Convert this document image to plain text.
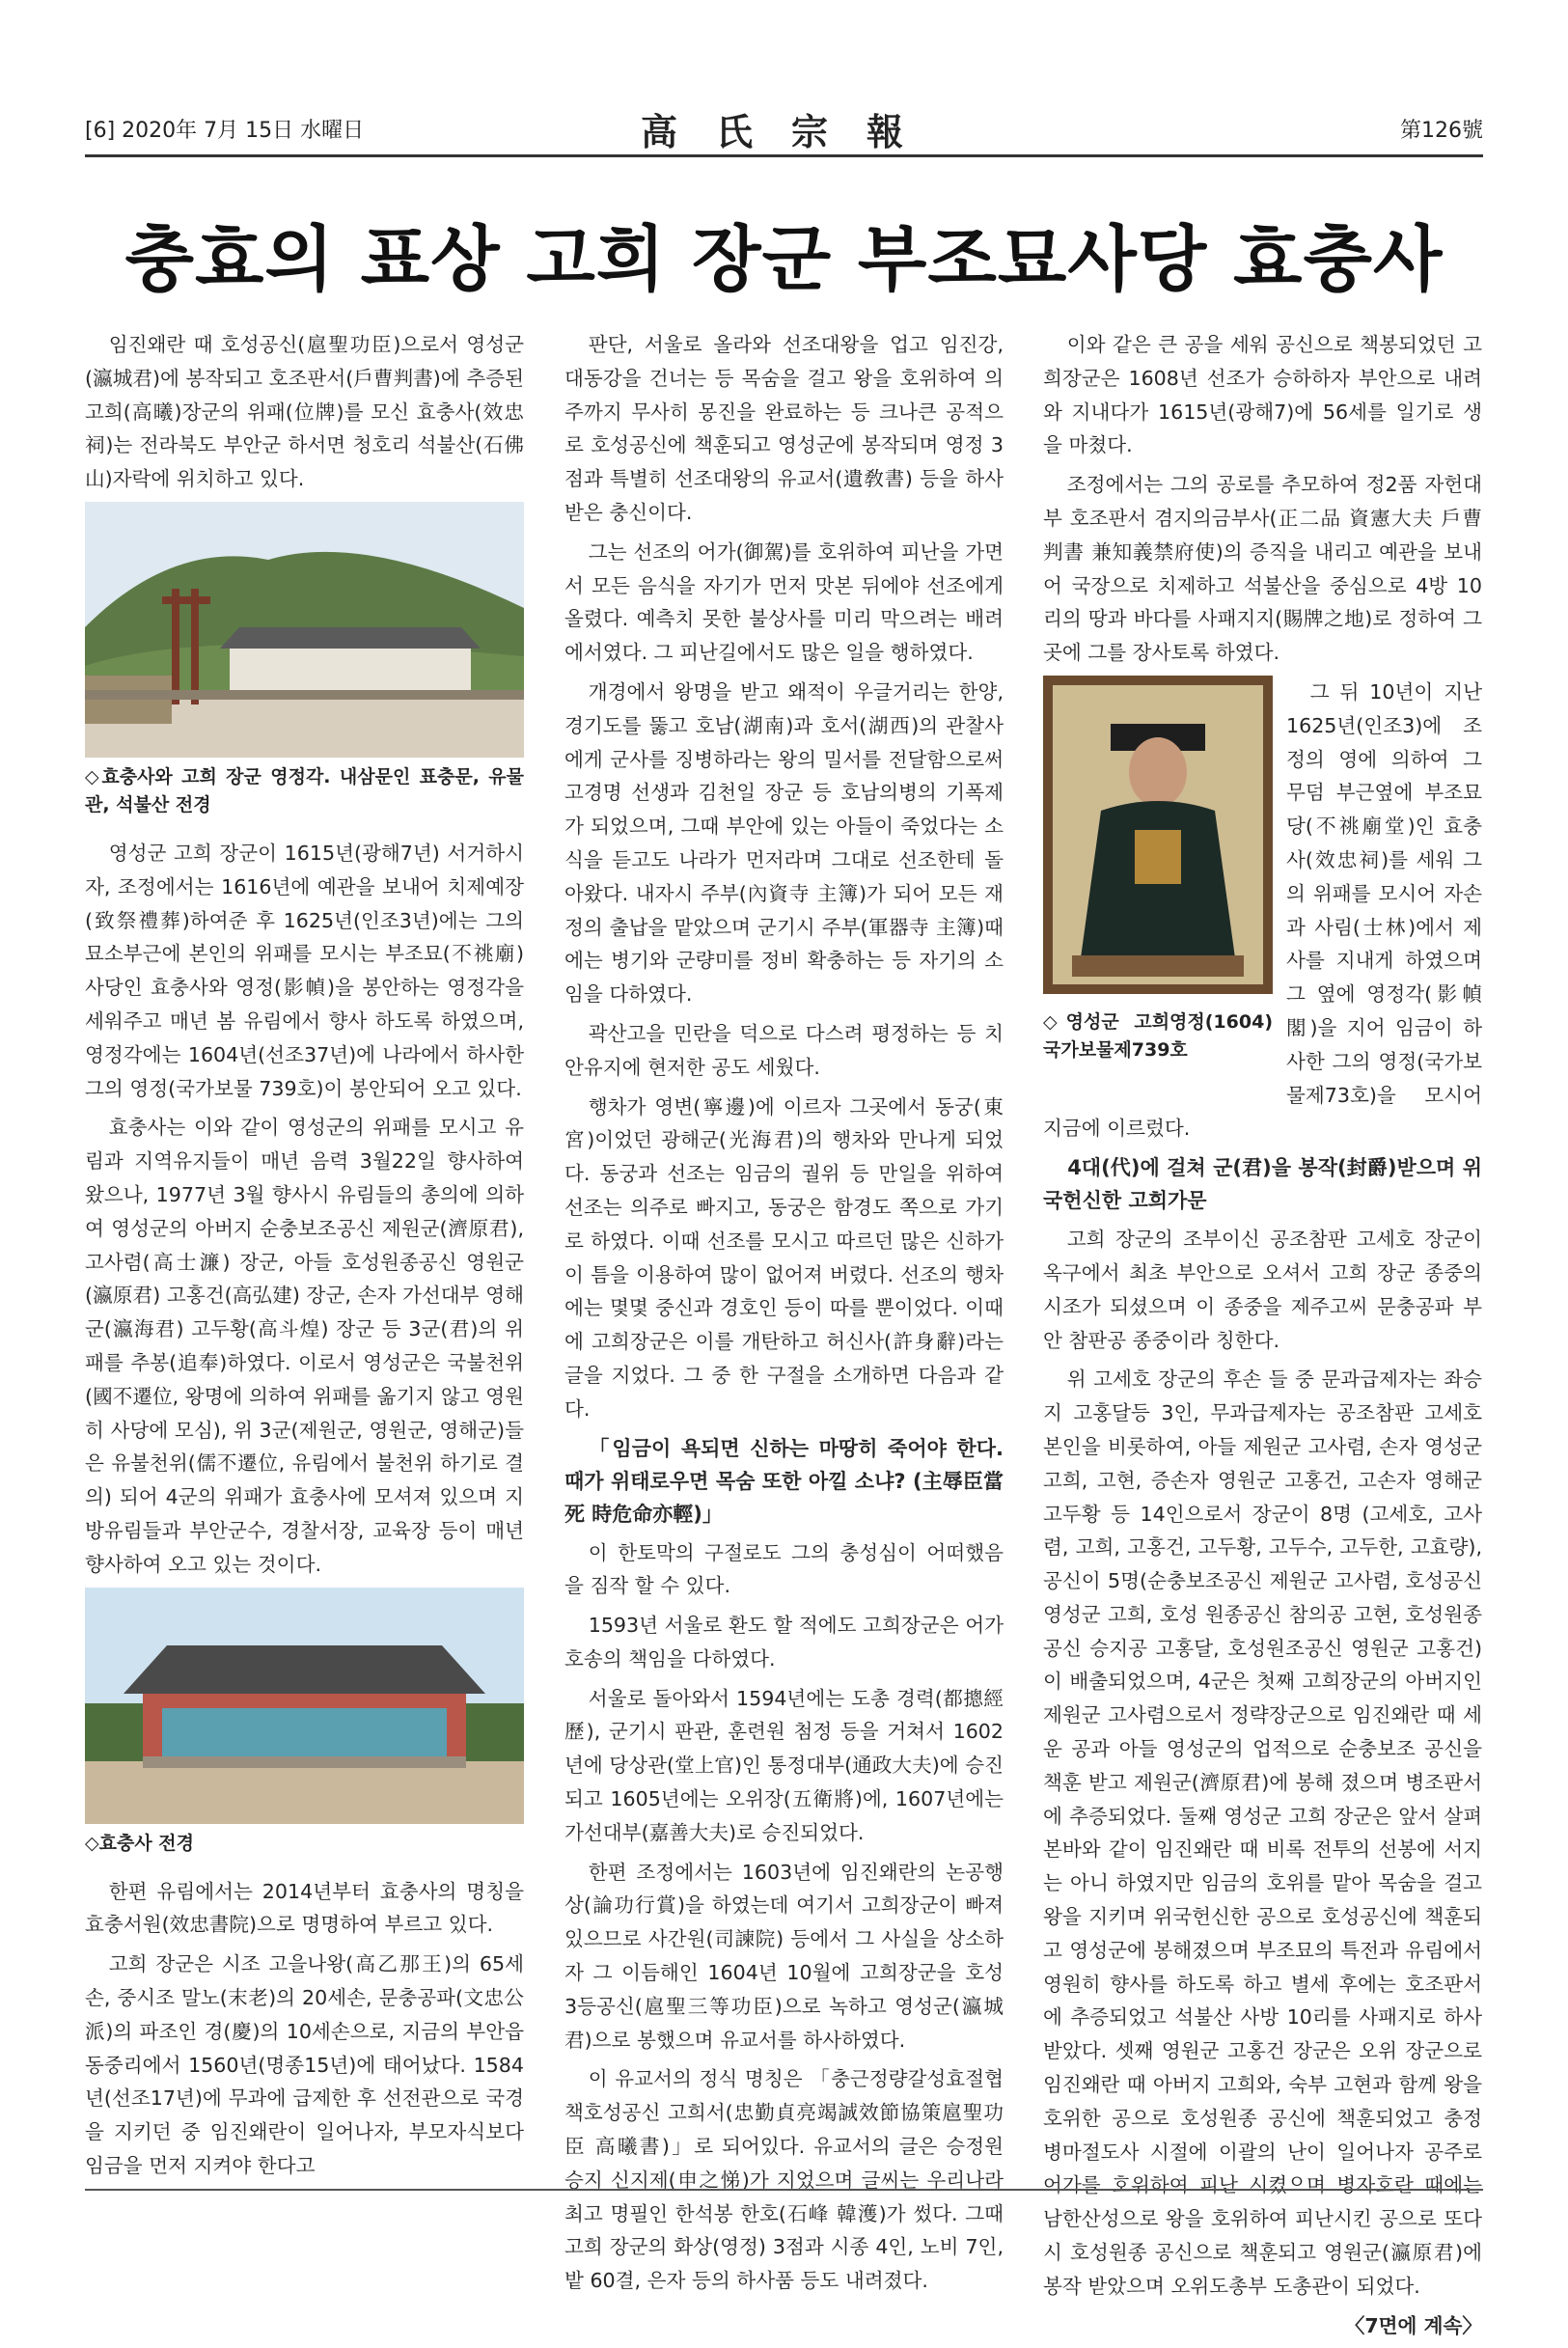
[6] 2020年 7月 15日 水曜日	高氏宗報	第126號
충효의 표상 고희 장군 부조묘사당 효충사

임진왜란 때 호성공신(扈聖功臣)으로서 영성군(瀛城君)에 봉작되고 호조판서(戶曹判書)에 추증된 고희(高曦)장군의 위패(位牌)를 모신 효충사(效忠祠)는 전라북도 부안군 하서면 청호리 석불산(石佛山)자락에 위치하고 있다.

◇효충사와 고희 장군 영정각. 내삼문인 표충문, 유물관, 석불산 전경

영성군 고희 장군이 1615년(광해7년) 서거하시자, 조정에서는 1616년에 예관을 보내어 치제예장(致祭禮葬)하여준 후 1625년(인조3년)에는 그의 묘소부근에 본인의 위패를 모시는 부조묘(不祧廟) 사당인 효충사와 영정(影幀)을 봉안하는 영정각을 세워주고 매년 봄 유림에서 향사 하도록 하였으며, 영정각에는 1604년(선조37년)에 나라에서 하사한 그의 영정(국가보물 739호)이 봉안되어 오고 있다.

효충사는 이와 같이 영성군의 위패를 모시고 유림과 지역유지들이 매년 음력 3월22일 향사하여 왔으나, 1977년 3월 향사시 유림들의 총의에 의하여 영성군의 아버지 순충보조공신 제원군(濟原君), 고사렴(高士濂) 장군, 아들 호성원종공신 영원군(瀛原君) 고홍건(高弘建) 장군, 손자 가선대부 영해군(瀛海君) 고두황(高斗煌) 장군 등 3군(君)의 위패를 추봉(追奉)하였다. 이로서 영성군은 국불천위(國不遷位, 왕명에 의하여 위패를 옮기지 않고 영원히 사당에 모심), 위 3군(제원군, 영원군, 영해군)들은 유불천위(儒不遷位, 유림에서 불천위 하기로 결의) 되어 4군의 위패가 효충사에 모셔져 있으며 지방유림들과 부안군수, 경찰서장, 교육장 등이 매년 향사하여 오고 있는 것이다.

◇효충사 전경

한편 유림에서는 2014년부터 효충사의 명칭을 효충서원(效忠書院)으로 명명하여 부르고 있다.

고희 장군은 시조 고을나왕(高乙那王)의 65세손, 중시조 말노(末老)의 20세손, 문충공파(文忠公派)의 파조인 경(慶)의 10세손으로, 지금의 부안읍 동중리에서 1560년(명종15년)에 태어났다. 1584년(선조17년)에 무과에 급제한 후 선전관으로 국경을 지키던 중 임진왜란이 일어나자, 부모자식보다 임금을 먼저 지켜야 한다고

판단, 서울로 올라와 선조대왕을 업고 임진강, 대동강을 건너는 등 목숨을 걸고 왕을 호위하여 의주까지 무사히 몽진을 완료하는 등 크나큰 공적으로 호성공신에 책훈되고 영성군에 봉작되며 영정 3점과 특별히 선조대왕의 유교서(遺敎書) 등을 하사 받은 충신이다.

그는 선조의 어가(御駕)를 호위하여 피난을 가면서 모든 음식을 자기가 먼저 맛본 뒤에야 선조에게 올렸다. 예측치 못한 불상사를 미리 막으려는 배려에서였다. 그 피난길에서도 많은 일을 행하였다.

개경에서 왕명을 받고 왜적이 우글거리는 한양, 경기도를 뚫고 호남(湖南)과 호서(湖西)의 관찰사에게 군사를 징병하라는 왕의 밀서를 전달함으로써 고경명 선생과 김천일 장군 등 호남의병의 기폭제가 되었으며, 그때 부안에 있는 아들이 죽었다는 소식을 듣고도 나라가 먼저라며 그대로 선조한테 돌아왔다. 내자시 주부(內資寺 主簿)가 되어 모든 재정의 출납을 맡았으며 군기시 주부(軍器寺 主簿)때에는 병기와 군량미를 정비 확충하는 등 자기의 소임을 다하였다.

곽산고을 민란을 덕으로 다스려 평정하는 등 치안유지에 현저한 공도 세웠다.

행차가 영변(寧邊)에 이르자 그곳에서 동궁(東宮)이었던 광해군(光海君)의 행차와 만나게 되었다. 동궁과 선조는 임금의 궐위 등 만일을 위하여 선조는 의주로 빠지고, 동궁은 함경도 쪽으로 가기로 하였다. 이때 선조를 모시고 따르던 많은 신하가 이 틈을 이용하여 많이 없어져 버렸다. 선조의 행차에는 몇몇 중신과 경호인 등이 따를 뿐이었다. 이때에 고희장군은 이를 개탄하고 허신사(許身辭)라는 글을 지었다. 그 중 한 구절을 소개하면 다음과 같다.

「임금이 욕되면 신하는 마땅히 죽어야 한다. 때가 위태로우면 목숨 또한 아낄 소냐? (主辱臣當死 時危命亦輕)」

이 한토막의 구절로도 그의 충성심이 어떠했음을 짐작 할 수 있다.

1593년 서울로 환도 할 적에도 고희장군은 어가호송의 책임을 다하였다.

서울로 돌아와서 1594년에는 도총 경력(都摠經歷), 군기시 판관, 훈련원 첨정 등을 거쳐서 1602년에 당상관(堂上官)인 통정대부(通政大夫)에 승진되고 1605년에는 오위장(五衛將)에, 1607년에는 가선대부(嘉善大夫)로 승진되었다.

한편 조정에서는 1603년에 임진왜란의 논공행상(論功行賞)을 하였는데 여기서 고희장군이 빠져있으므로 사간원(司諫院) 등에서 그 사실을 상소하자 그 이듬해인 1604년 10월에 고희장군을 호성 3등공신(扈聖三等功臣)으로 녹하고 영성군(瀛城君)으로 봉했으며 유교서를 하사하였다.

이 유교서의 정식 명칭은 「충근정량갈성효절협책호성공신 고희서(忠勤貞亮竭誠效節協策扈聖功臣 高曦書)」로 되어있다. 유교서의 글은 승정원 승지 신지제(申之悌)가 지었으며 글씨는 우리나라 최고 명필인 한석봉 한호(石峰 韓濩)가 썼다. 그때 고희 장군의 화상(영정) 3점과 시종 4인, 노비 7인, 밭 60결, 은자 등의 하사품 등도 내려졌다.

이와 같은 큰 공을 세워 공신으로 책봉되었던 고희장군은 1608년 선조가 승하하자 부안으로 내려와 지내다가 1615년(광해7)에 56세를 일기로 생을 마쳤다.

조정에서는 그의 공로를 추모하여 정2품 자헌대부 호조판서 겸지의금부사(正二品 資憲大夫 戶曹判書 兼知義禁府使)의 증직을 내리고 예관을 보내어 국장으로 치제하고 석불산을 중심으로 4방 10리의 땅과 바다를 사패지지(賜牌之地)로 정하여 그곳에 그를 장사토록 하였다.

◇영성군 고희영정(1604) 국가보물제739호

그 뒤 10년이 지난 1625년(인조3)에 조정의 영에 의하여 그 무덤 부근옆에 부조묘당(不祧廟堂)인 효충사(效忠祠)를 세워 그의 위패를 모시어 자손과 사림(士林)에서 제사를 지내게 하였으며 그 옆에 영정각(影幀閣)을 지어 임금이 하사한 그의 영정(국가보물제73호)을 모시어 지금에 이르렀다.

4대(代)에 걸쳐 군(君)을 봉작(封爵)받으며 위국헌신한 고희가문

고희 장군의 조부이신 공조참판 고세호 장군이 옥구에서 최초 부안으로 오셔서 고희 장군 종중의 시조가 되셨으며 이 종중을 제주고씨 문충공파 부안 참판공 종중이라 칭한다.

위 고세호 장군의 후손 들 중 문과급제자는 좌승지 고홍달등 3인, 무과급제자는 공조참판 고세호 본인을 비롯하여, 아들 제원군 고사렴, 손자 영성군 고희, 고현, 증손자 영원군 고홍건, 고손자 영해군 고두황 등 14인으로서 장군이 8명 (고세호, 고사렴, 고희, 고홍건, 고두황, 고두수, 고두한, 고효량), 공신이 5명(순충보조공신 제원군 고사렴, 호성공신 영성군 고희, 호성 원종공신 참의공 고현, 호성원종공신 승지공 고홍달, 호성원조공신 영원군 고홍건)이 배출되었으며, 4군은 첫째 고희장군의 아버지인 제원군 고사렴으로서 정략장군으로 임진왜란 때 세운 공과 아들 영성군의 업적으로 순충보조 공신을 책훈 받고 제원군(濟原君)에 봉해 졌으며 병조판서에 추증되었다. 둘째 영성군 고희 장군은 앞서 살펴 본바와 같이 임진왜란 때 비록 전투의 선봉에 서지는 아니 하였지만 임금의 호위를 맡아 목숨을 걸고 왕을 지키며 위국헌신한 공으로 호성공신에 책훈되고 영성군에 봉해졌으며 부조묘의 특전과 유림에서 영원히 향사를 하도록 하고 별세 후에는 호조판서에 추증되었고 석불산 사방 10리를 사패지로 하사받았다. 셋째 영원군 고홍건 장군은 오위 장군으로 임진왜란 때 아버지 고희와, 숙부 고현과 함께 왕을 호위한 공으로 호성원종 공신에 책훈되었고 충정 병마절도사 시절에 이괄의 난이 일어나자 공주로 어가를 호위하여 피난 시켰으며 병자호란 때에는 남한산성으로 왕을 호위하여 피난시킨 공으로 또다시 호성원종 공신으로 책훈되고 영원군(瀛原君)에 봉작 받았으며 오위도총부 도총관이 되었다.

〈7면에 계속〉
